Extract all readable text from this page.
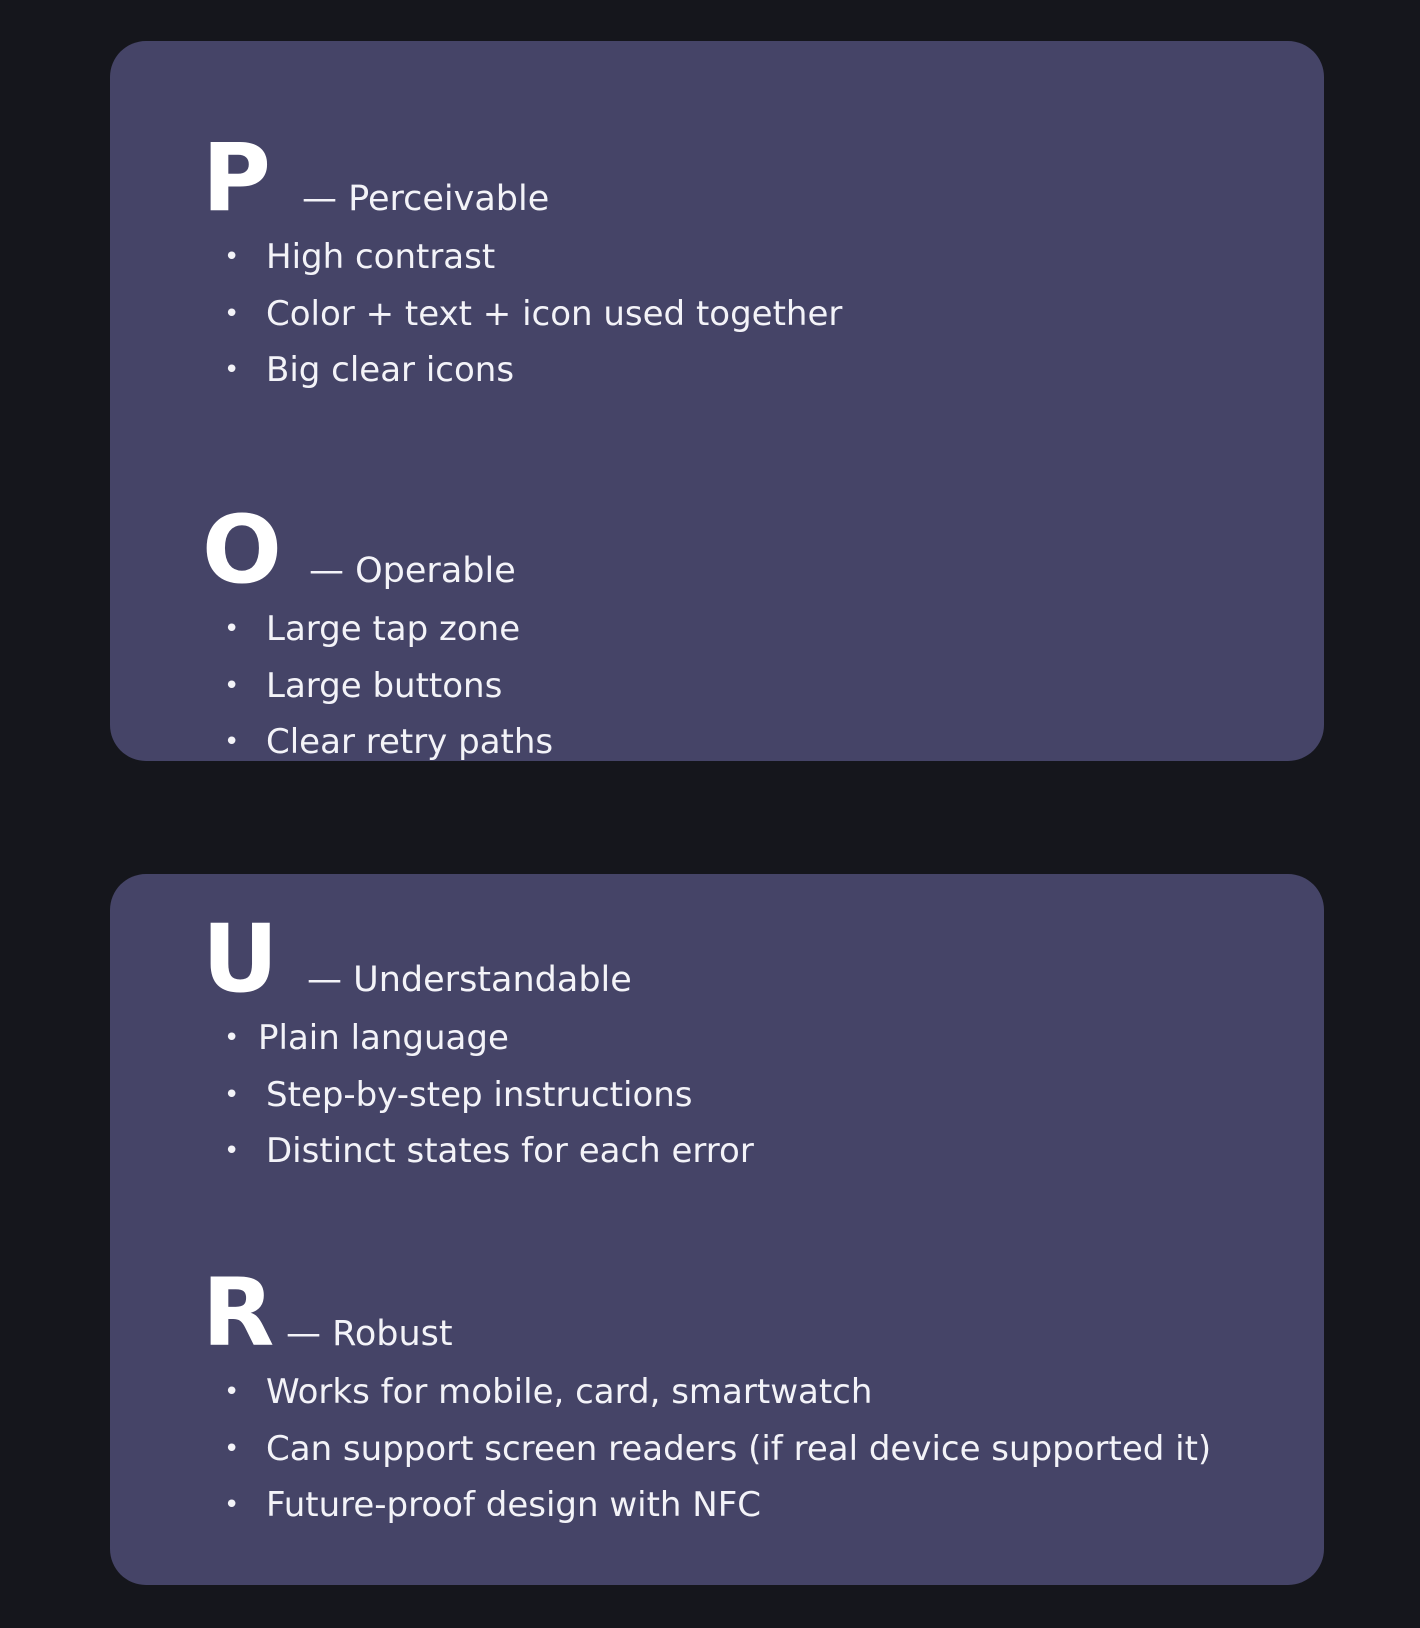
P — Perceivable
• High contrast
• Color + text + icon used together
• Big clear icons
O — Operable
• Large tap zone
• Large buttons
• Clear retry paths
U — Understandable
• Plain language
• Step-by-step instructions
• Distinct states for each error
R — Robust
• Works for mobile, card, smartwatch
• Can support screen readers (if real device supported it)
• Future-proof design with NFC
